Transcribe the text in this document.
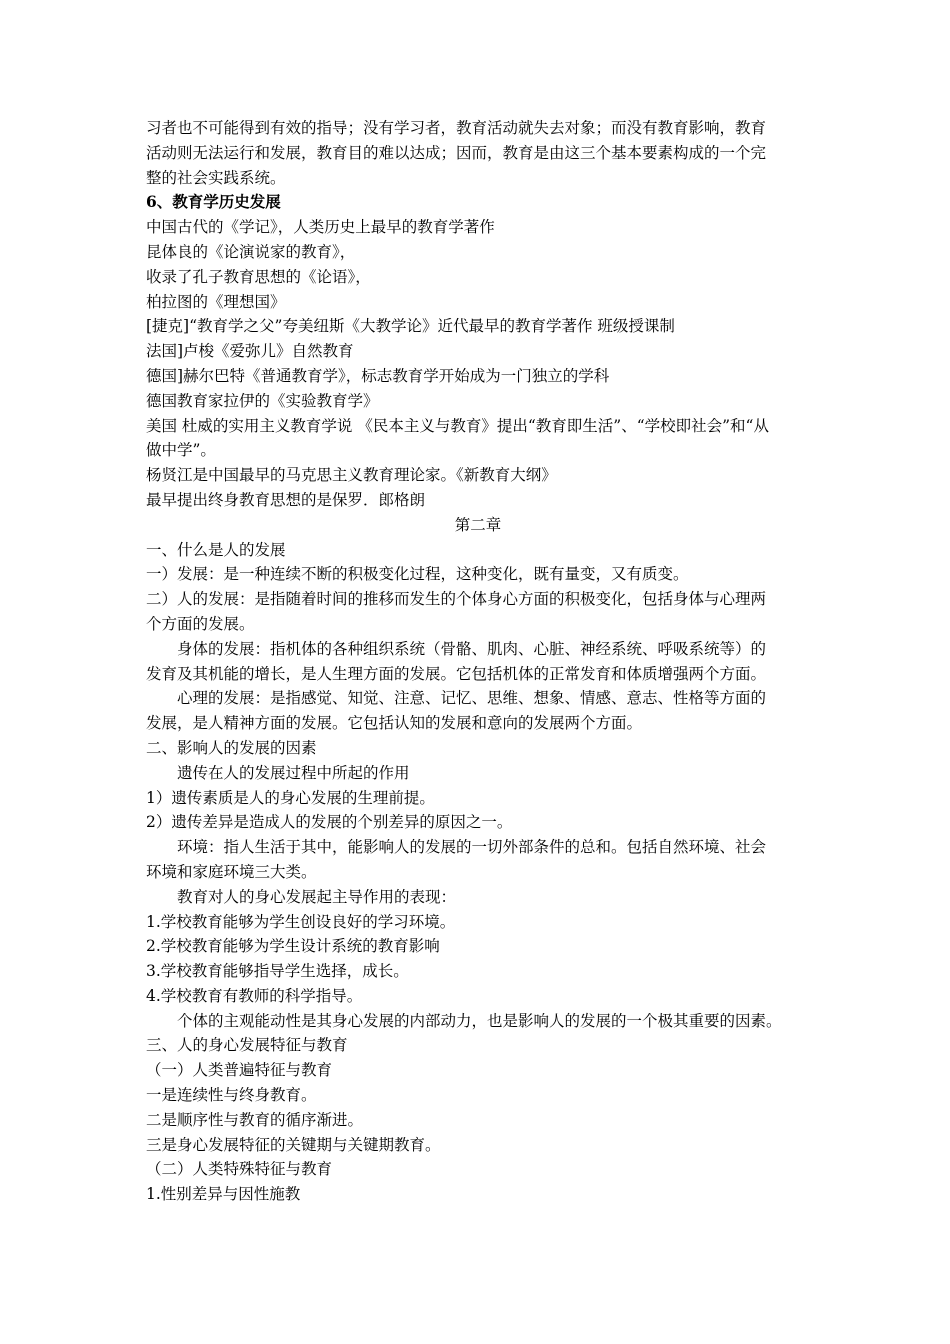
习者也不可能得到有效的指导；没有学习者，教育活动就失去对象；而没有教育影响，教育
活动则无法运行和发展，教育目的难以达成；因而，教育是由这三个基本要素构成的一个完
整的社会实践系统。
6、教育学历史发展
中国古代的《学记》，人类历史上最早的教育学著作
昆体良的《论演说家的教育》，
收录了孔子教育思想的《论语》，
柏拉图的《理想国》
[捷克]“教育学之父”夸美纽斯《大教学论》近代最早的教育学著作 班级授课制
法国]卢梭《爱弥儿》自然教育
德国]赫尔巴特《普通教育学》，标志教育学开始成为一门独立的学科
德国教育家拉伊的《实验教育学》
美国 杜威的实用主义教育学说 《民本主义与教育》提出“教育即生活”、“学校即社会”和“从
做中学”。
杨贤江是中国最早的马克思主义教育理论家。《新教育大纲》
最早提出终身教育思想的是保罗．郎格朗
第二章
一、什么是人的发展
一）发展：是一种连续不断的积极变化过程，这种变化，既有量变，又有质变。
二）人的发展：是指随着时间的推移而发生的个体身心方面的积极变化，包括身体与心理两
个方面的发展。
身体的发展：指机体的各种组织系统（骨骼、肌肉、心脏、神经系统、呼吸系统等）的
发育及其机能的增长，是人生理方面的发展。它包括机体的正常发育和体质增强两个方面。
心理的发展：是指感觉、知觉、注意、记忆、思维、想象、情感、意志、性格等方面的
发展，是人精神方面的发展。它包括认知的发展和意向的发展两个方面。
二、影响人的发展的因素
遗传在人的发展过程中所起的作用
1）遗传素质是人的身心发展的生理前提。
2）遗传差异是造成人的发展的个别差异的原因之一。
环境：指人生活于其中，能影响人的发展的一切外部条件的总和。包括自然环境、社会
环境和家庭环境三大类。
教育对人的身心发展起主导作用的表现：
1.学校教育能够为学生创设良好的学习环境。
2.学校教育能够为学生设计系统的教育影响
3.学校教育能够指导学生选择，成长。
4.学校教育有教师的科学指导。
个体的主观能动性是其身心发展的内部动力，也是影响人的发展的一个极其重要的因素。
三、人的身心发展特征与教育
（一）人类普遍特征与教育
一是连续性与终身教育。
二是顺序性与教育的循序渐进。
三是身心发展特征的关键期与关键期教育。
（二）人类特殊特征与教育
1.性别差异与因性施教
